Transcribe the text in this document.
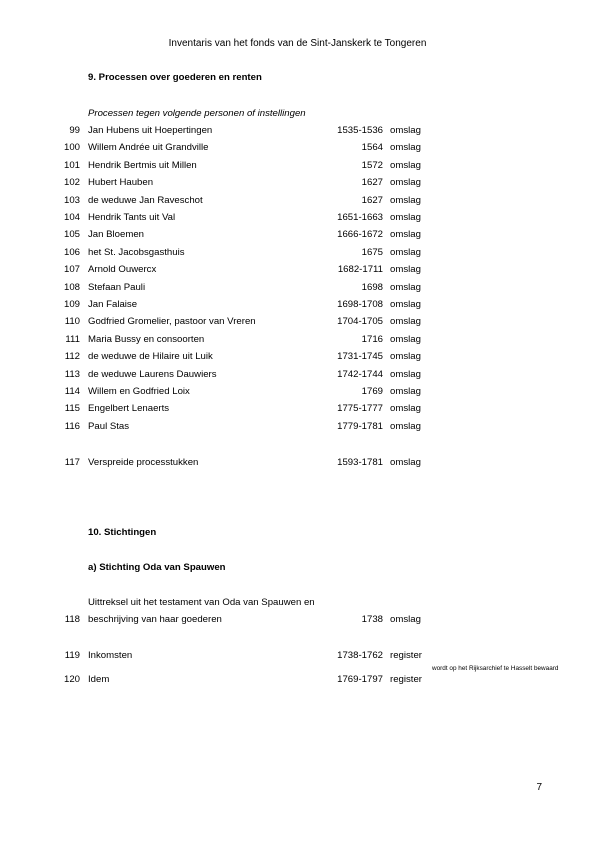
Inventaris van het fonds van de Sint-Janskerk te Tongeren
9. Processen over goederen en renten
Processen tegen volgende personen of instellingen
99 Jan Hubens uit Hoepertingen	1535-1536 omslag
100 Willem Andrée uit Grandville	1564 omslag
101 Hendrik Bertmis uit Millen	1572 omslag
102 Hubert Hauben	1627 omslag
103 de weduwe Jan Raveschot	1627 omslag
104 Hendrik Tants uit Val	1651-1663 omslag
105 Jan Bloemen	1666-1672 omslag
106 het St. Jacobsgasthuis	1675 omslag
107 Arnold Ouwercx	1682-1711 omslag
108 Stefaan Pauli	1698 omslag
109 Jan Falaise	1698-1708 omslag
110 Godfried Gromelier, pastoor van Vreren	1704-1705 omslag
111 Maria Bussy en consoorten	1716 omslag
112 de weduwe de Hilaire uit Luik	1731-1745 omslag
113 de weduwe Laurens Dauwiers	1742-1744 omslag
114 Willem en Godfried Loix	1769 omslag
115 Engelbert Lenaerts	1775-1777 omslag
116 Paul Stas	1779-1781 omslag
117 Verspreide processtukken	1593-1781 omslag
10. Stichtingen
a) Stichting Oda van Spauwen
Uittreksel uit het testament van Oda van Spauwen en
118 beschrijving van haar goederen	1738 omslag
119 Inkomsten	1738-1762 register
120 Idem	1769-1797 register
wordt op het Rijksarchief te Hasselt bewaard
7
